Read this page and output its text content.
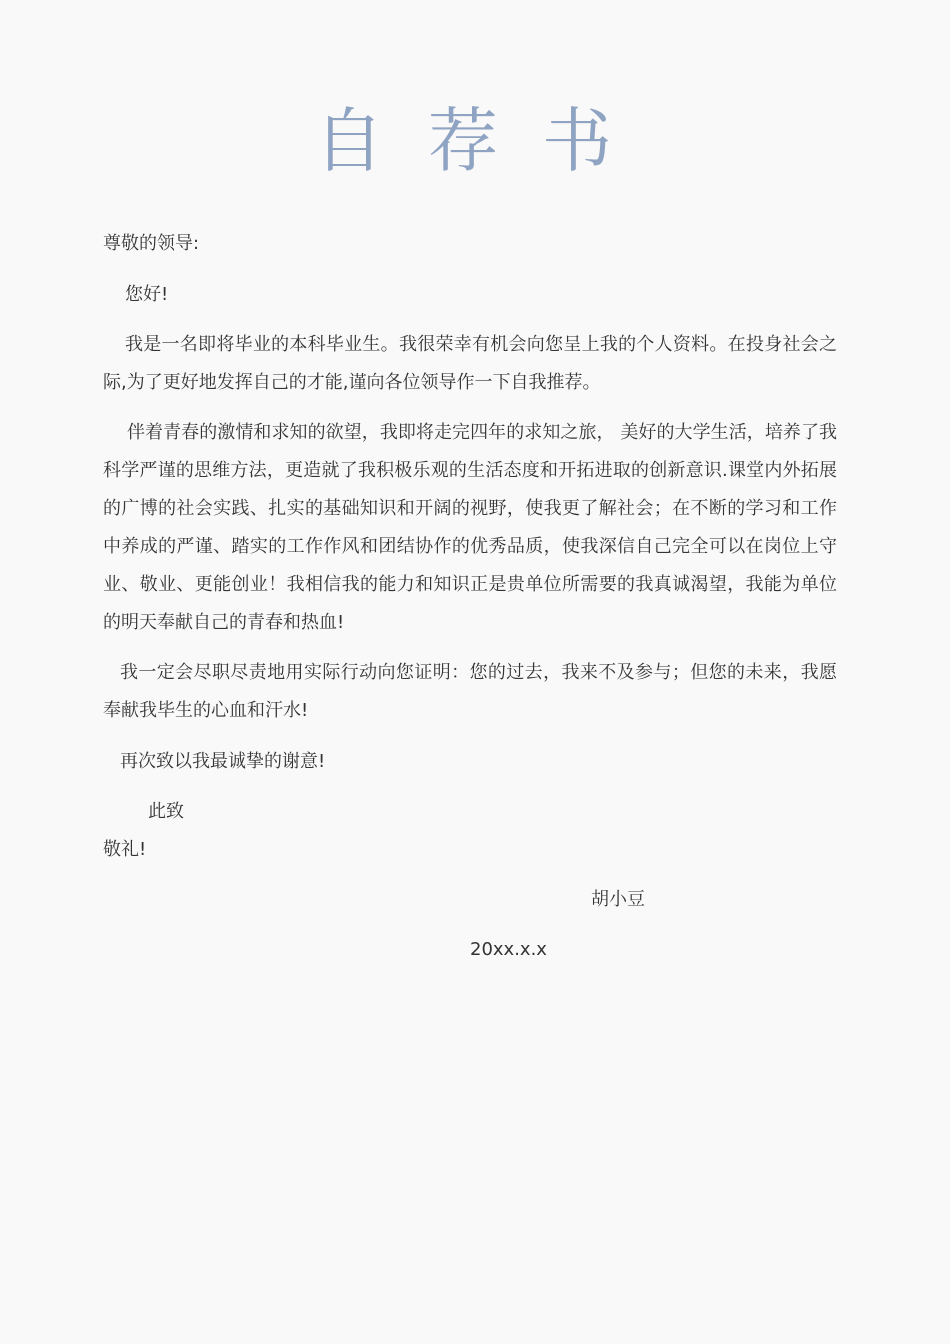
自荐书
尊敬的领导:
您好!
我是一名即将毕业的本科毕业生。我很荣幸有机会向您呈上我的个人资料。在投身社会之际,为了更好地发挥自己的才能,谨向各位领导作一下自我推荐。
伴着青春的激情和求知的欲望，我即将走完四年的求知之旅， 美好的大学生活，培养了我科学严谨的思维方法，更造就了我积极乐观的生活态度和开拓进取的创新意识.课堂内外拓展的广博的社会实践、扎实的基础知识和开阔的视野，使我更了解社会；在不断的学习和工作中养成的严谨、踏实的工作作风和团结协作的优秀品质，使我深信自己完全可以在岗位上守业、敬业、更能创业！我相信我的能力和知识正是贵单位所需要的我真诚渴望，我能为单位的明天奉献自己的青春和热血!
我一定会尽职尽责地用实际行动向您证明：您的过去，我来不及参与；但您的未来，我愿奉献我毕生的心血和汗水!
再次致以我最诚挚的谢意!
此致
敬礼!
胡小豆
20xx.x.x
